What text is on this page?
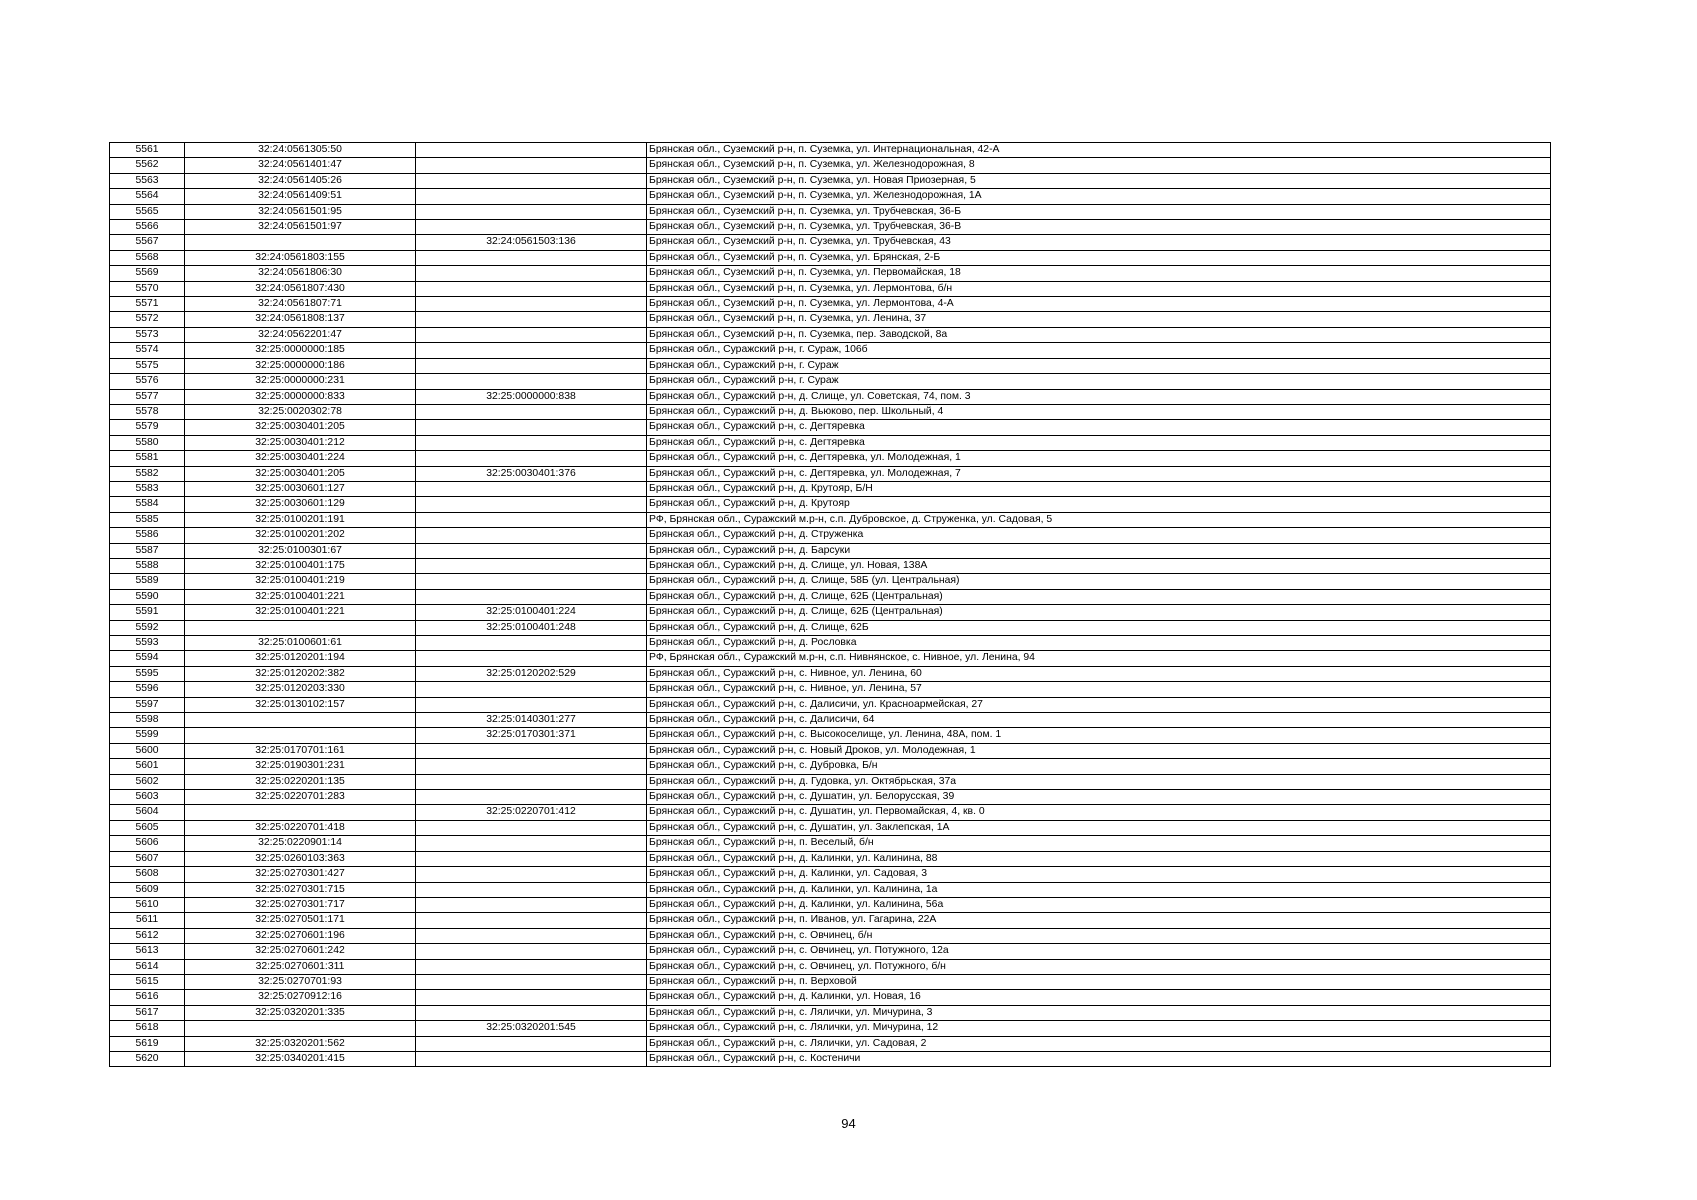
5561	32:24:0561305:50		Брянская обл., Суземский р-н, п. Суземка, ул. Интернациональная, 42-А
5562	32:24:0561401:47		Брянская обл., Суземский р-н, п. Суземка, ул. Железнодорожная, 8
5563	32:24:0561405:26		Брянская обл., Суземский р-н, п. Суземка, ул. Новая Приозерная, 5
5564	32:24:0561409:51		Брянская обл., Суземский р-н, п. Суземка, ул. Железнодорожная, 1А
5565	32:24:0561501:95		Брянская обл., Суземский р-н, п. Суземка, ул. Трубчевская, 36-Б
5566	32:24:0561501:97		Брянская обл., Суземский р-н, п. Суземка, ул. Трубчевская, 36-В
5567		32:24:0561503:136	Брянская обл., Суземский р-н, п. Суземка, ул. Трубчевская, 43
5568	32:24:0561803:155		Брянская обл., Суземский р-н, п. Суземка, ул. Брянская, 2-Б
5569	32:24:0561806:30		Брянская обл., Суземский р-н, п. Суземка, ул. Первомайская, 18
5570	32:24:0561807:430		Брянская обл., Суземский р-н, п. Суземка, ул. Лермонтова, б/н
5571	32:24:0561807:71		Брянская обл., Суземский р-н, п. Суземка, ул. Лермонтова, 4-А
5572	32:24:0561808:137		Брянская обл., Суземский р-н, п. Суземка, ул. Ленина, 37
5573	32:24:0562201:47		Брянская обл., Суземский р-н, п. Суземка, пер. Заводской, 8а
5574	32:25:0000000:185		Брянская обл., Суражский р-н, г. Сураж, 106б
5575	32:25:0000000:186		Брянская обл., Суражский р-н, г. Сураж
5576	32:25:0000000:231		Брянская обл., Суражский р-н, г. Сураж
5577	32:25:0000000:833	32:25:0000000:838	Брянская обл., Суражский р-н, д. Слище, ул. Советская, 74, пом. 3
5578	32:25:0020302:78		Брянская обл., Суражский р-н, д. Вьюково, пер. Школьный, 4
5579	32:25:0030401:205		Брянская обл., Суражский р-н, с. Дегтяревка
5580	32:25:0030401:212		Брянская обл., Суражский р-н, с. Дегтяревка
5581	32:25:0030401:224		Брянская обл., Суражский р-н, с. Дегтяревка, ул. Молодежная, 1
5582	32:25:0030401:205	32:25:0030401:376	Брянская обл., Суражский р-н, с. Дегтяревка, ул. Молодежная, 7
5583	32:25:0030601:127		Брянская обл., Суражский р-н, д. Крутояр, Б/Н
5584	32:25:0030601:129		Брянская обл., Суражский р-н, д. Крутояр
5585	32:25:0100201:191		РФ, Брянская обл., Суражский м.р-н, с.п. Дубровское, д. Струженка, ул. Садовая, 5
5586	32:25:0100201:202		Брянская обл., Суражский р-н, д. Струженка
5587	32:25:0100301:67		Брянская обл., Суражский р-н, д. Барсуки
5588	32:25:0100401:175		Брянская обл., Суражский р-н, д. Слище, ул. Новая, 138А
5589	32:25:0100401:219		Брянская обл., Суражский р-н, д. Слище, 58Б (ул. Центральная)
5590	32:25:0100401:221		Брянская обл., Суражский р-н, д. Слище, 62Б (Центральная)
5591	32:25:0100401:221	32:25:0100401:224	Брянская обл., Суражский р-н, д. Слище, 62Б (Центральная)
5592		32:25:0100401:248	Брянская обл., Суражский р-н, д. Слище, 62Б
5593	32:25:0100601:61		Брянская обл., Суражский р-н, д. Рословка
5594	32:25:0120201:194		РФ, Брянская обл., Суражский м.р-н, с.п. Нивнянское, с. Нивное, ул. Ленина, 94
5595	32:25:0120202:382	32:25:0120202:529	Брянская обл., Суражский р-н, с. Нивное, ул. Ленина, 60
5596	32:25:0120203:330		Брянская обл., Суражский р-н, с. Нивное, ул. Ленина, 57
5597	32:25:0130102:157		Брянская обл., Суражский р-н, с. Далисичи, ул. Красноармейская, 27
5598		32:25:0140301:277	Брянская обл., Суражский р-н, с. Далисичи, 64
5599		32:25:0170301:371	Брянская обл., Суражский р-н, с. Высокоселище, ул. Ленина, 48А, пом. 1
5600	32:25:0170701:161		Брянская обл., Суражский р-н, с. Новый Дроков, ул. Молодежная, 1
5601	32:25:0190301:231		Брянская обл., Суражский р-н, с. Дубровка, Б/н
5602	32:25:0220201:135		Брянская обл., Суражский р-н, д. Гудовка, ул. Октябрьская, 37а
5603	32:25:0220701:283		Брянская обл., Суражский р-н, с. Душатин, ул. Белорусская, 39
5604		32:25:0220701:412	Брянская обл., Суражский р-н, с. Душатин, ул. Первомайская, 4, кв. 0
5605	32:25:0220701:418		Брянская обл., Суражский р-н, с. Душатин, ул. Заклепская, 1А
5606	32:25:0220901:14		Брянская обл., Суражский р-н, п. Веселый, б/н
5607	32:25:0260103:363		Брянская обл., Суражский р-н, д. Калинки, ул. Калинина, 88
5608	32:25:0270301:427		Брянская обл., Суражский р-н, д. Калинки, ул. Садовая, 3
5609	32:25:0270301:715		Брянская обл., Суражский р-н, д. Калинки, ул. Калинина, 1а
5610	32:25:0270301:717		Брянская обл., Суражский р-н, д. Калинки, ул. Калинина, 56а
5611	32:25:0270501:171		Брянская обл., Суражский р-н, п. Иванов, ул. Гагарина, 22А
5612	32:25:0270601:196		Брянская обл., Суражский р-н, с. Овчинец, б/н
5613	32:25:0270601:242		Брянская обл., Суражский р-н, с. Овчинец, ул. Потужного, 12а
5614	32:25:0270601:311		Брянская обл., Суражский р-н, с. Овчинец, ул. Потужного, б/н
5615	32:25:0270701:93		Брянская обл., Суражский р-н, п. Верховой
5616	32:25:0270912:16		Брянская обл., Суражский р-н, д. Калинки, ул. Новая, 16
5617	32:25:0320201:335		Брянская обл., Суражский р-н, с. Лялички, ул. Мичурина, 3
5618		32:25:0320201:545	Брянская обл., Суражский р-н, с. Лялички, ул. Мичурина, 12
5619	32:25:0320201:562		Брянская обл., Суражский р-н, с. Лялички, ул. Садовая, 2
5620	32:25:0340201:415		Брянская обл., Суражский р-н, с. Костеничи
94
